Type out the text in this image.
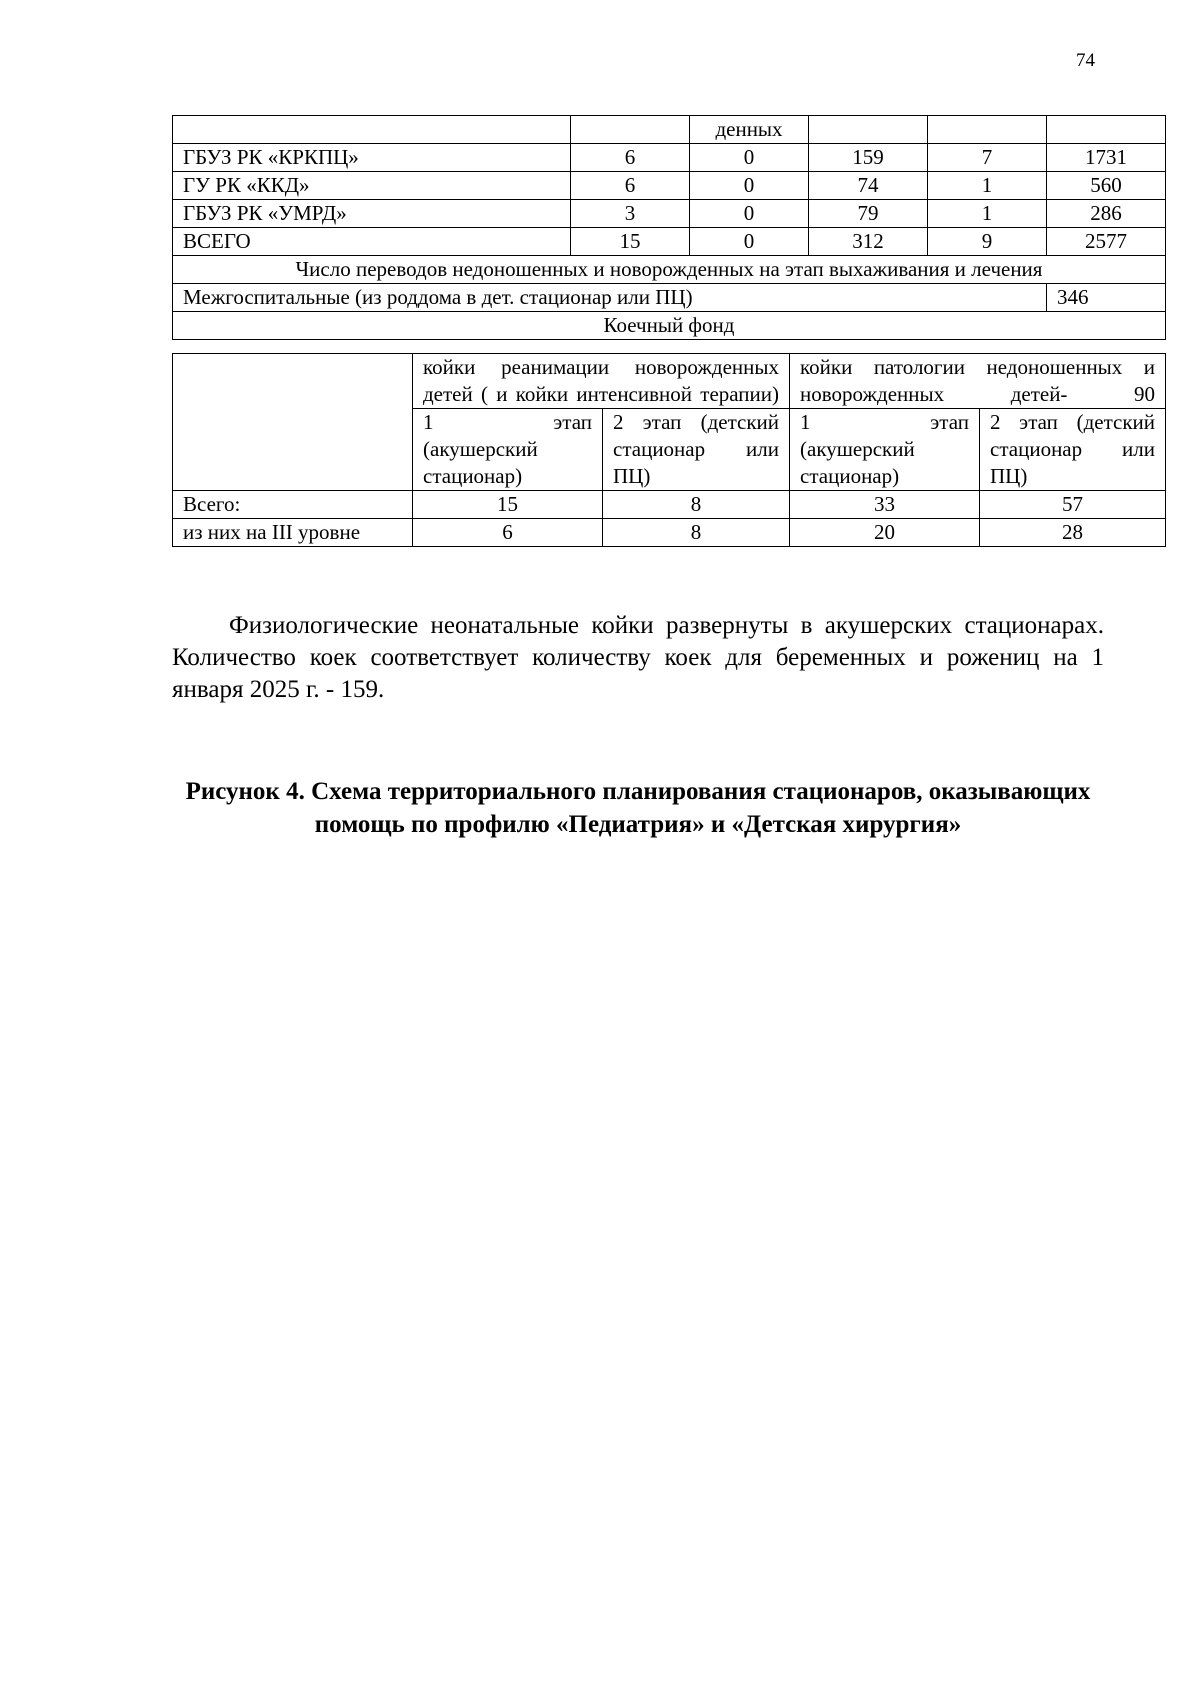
74
		денных			
ГБУЗ РК «КРКПЦ»	6	0	159	7	1731
ГУ РК «ККД»	6	0	74	1	560
ГБУЗ РК «УМРД»	3	0	79	1	286
ВСЕГО	15	0	312	9	2577
Число переводов недоношенных и новорожденных на этап выхаживания и лечения					
Межгоспитальные (из роддома в дет. стационар или ПЦ)					346
Коечный фонд					
	койки реанимации новорожденных детей ( и койки интенсивной терапии)		койки патологии недоношенных и новорожденных детей- 90	
	1 этап (акушерский стационар)	2 этап (детский стационар или ПЦ)	1 этап (акушерский стационар)	2 этап (детский стационар или ПЦ)
Всего:	15	8	33	57
из них на III уровне	6	8	20	28

Физиологические неонатальные койки развернуты в акушерских стационарах. Количество коек соответствует количеству коек для беременных и рожениц на 1 января 2025 г. - 159.

Рисунок 4. Схема территориального планирования стационаров, оказывающих помощь по профилю «Педиатрия» и «Детская хирургия»
